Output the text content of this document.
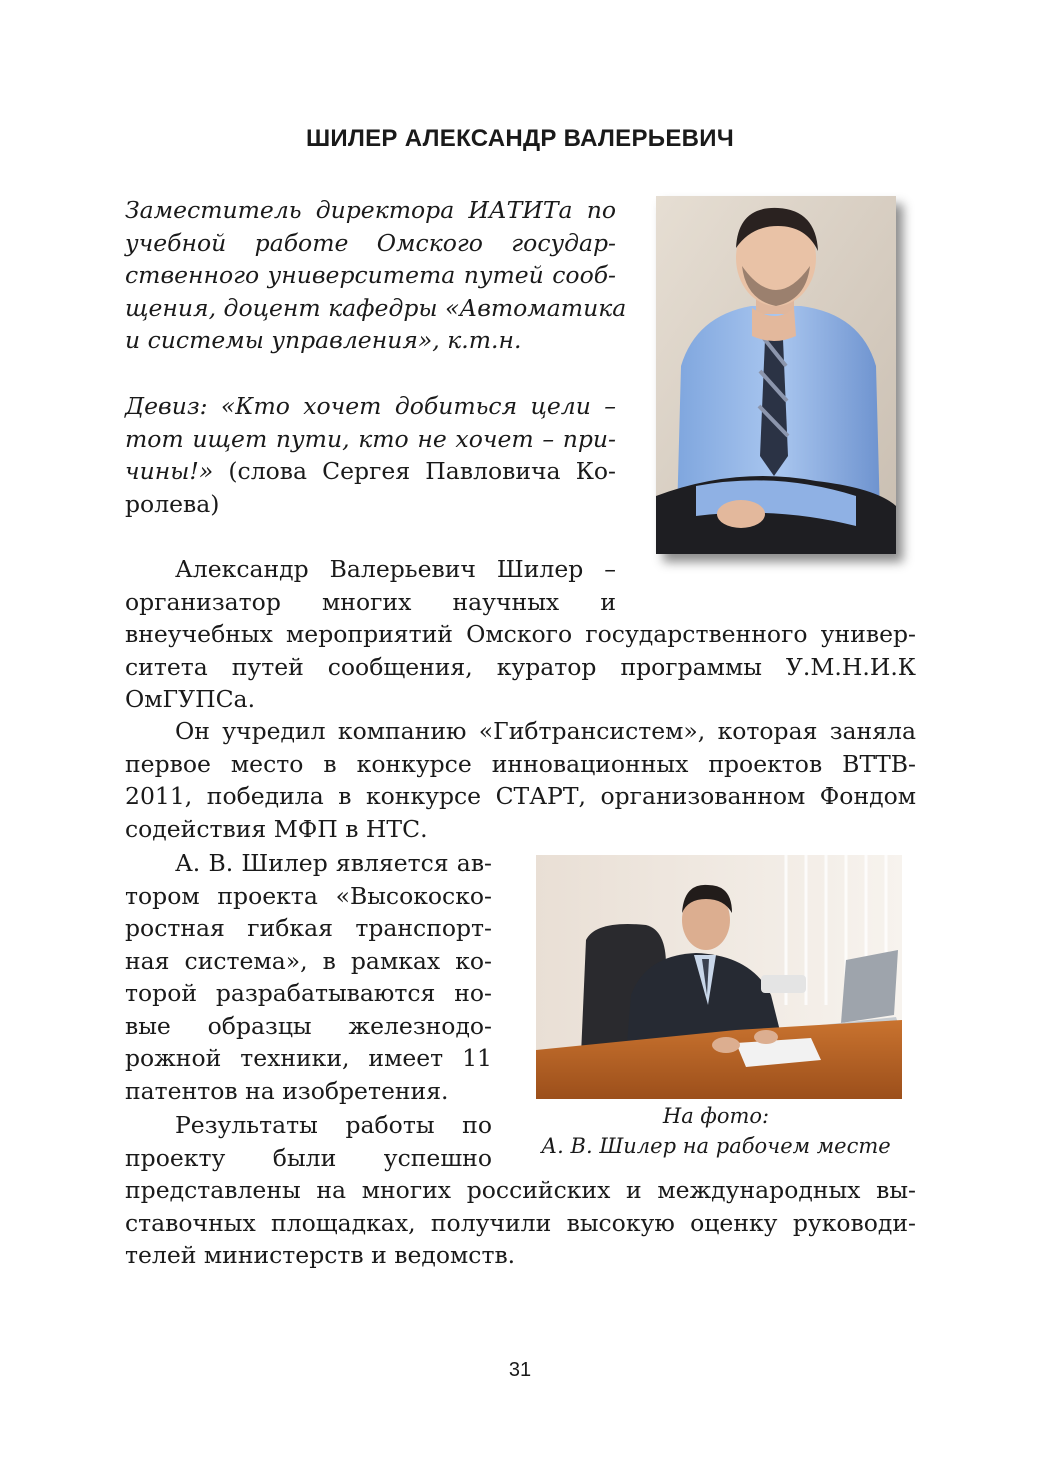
ШИЛЕР АЛЕКСАНДР ВАЛЕРЬЕВИЧ
Заместитель директора ИАТИТа по
учебной работе Омского государ-
ственного университета путей сооб-
щения, доцент кафедры «Автоматика
и системы управления», к.т.н.
Девиз: «Кто хочет добиться цели –
тот ищет пути, кто не хочет – при-
чины!» (слова Сергея Павловича Ко-
ролева)
Александр Валерьевич Шилер –
организатор многих научных и
внеучебных мероприятий Омского государственного универ-
ситета путей сообщения, куратор программы У.М.Н.И.К
ОмГУПСа.
Он учредил компанию «Гибтрансистем», которая заняла
первое место в конкурсе инновационных проектов ВТТВ-
2011, победила в конкурсе СТАРТ, организованном Фондом
содействия МФП в НТС.
А. В. Шилер является ав-
тором проекта «Высокоско-
ростная гибкая транспорт-
ная система», в рамках ко-
торой разрабатываются но-
вые образцы железнодо-
рожной техники, имеет 11
патентов на изобретения.
На фото:
А. В. Шилер на рабочем месте
Результаты работы по
проекту были успешно
представлены на многих российских и международных вы-
ставочных площадках, получили высокую оценку руководи-
телей министерств и ведомств.
31
